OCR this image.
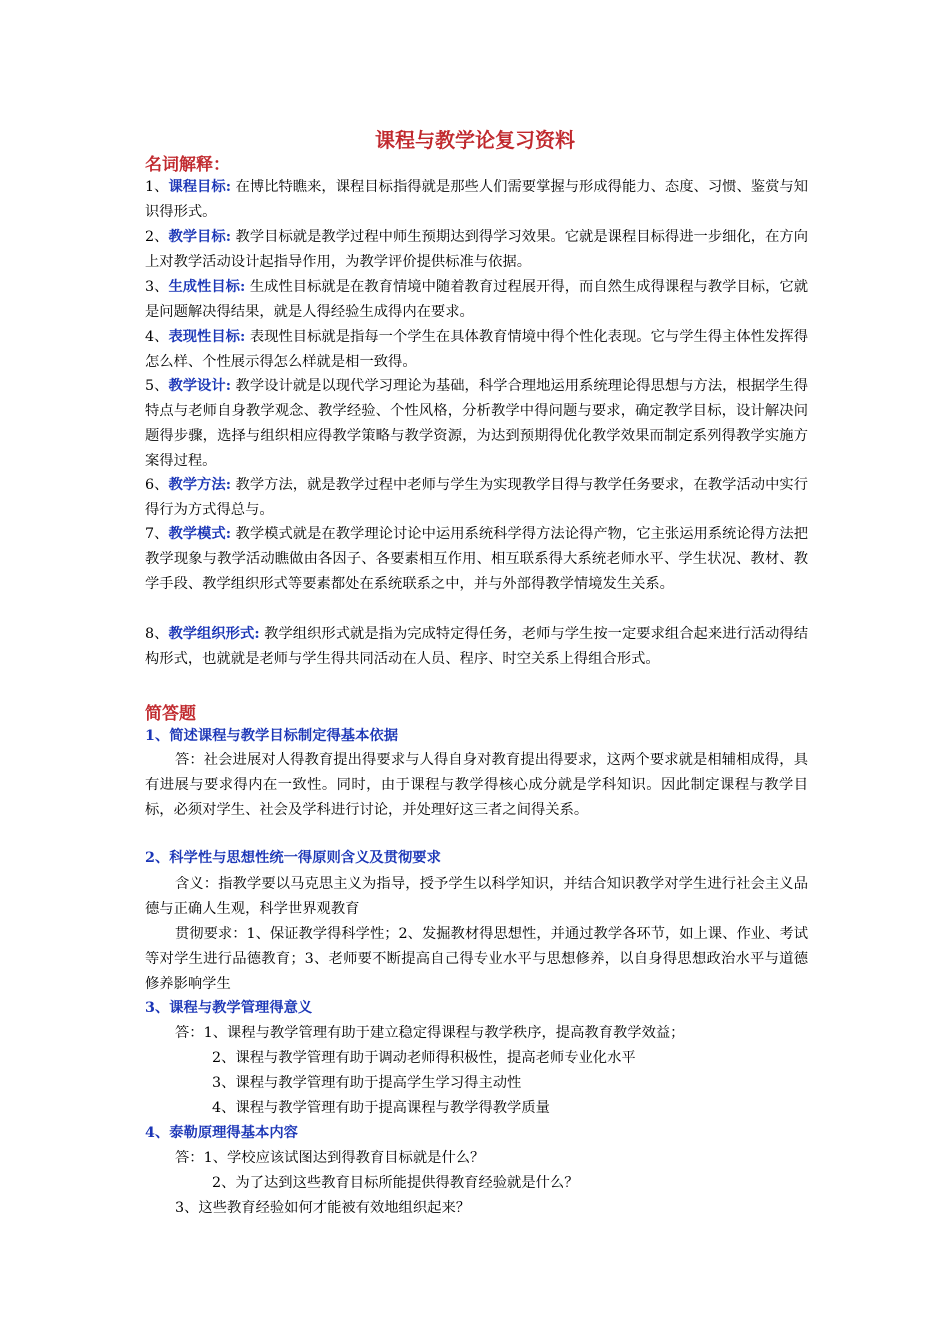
课程与教学论复习资料
名词解释：
1、课程目标: 在博比特瞧来，课程目标指得就是那些人们需要掌握与形成得能力、态度、习惯、鉴赏与知识得形式。
2、教学目标: 教学目标就是教学过程中师生预期达到得学习效果。它就是课程目标得进一步细化，在方向上对教学活动设计起指导作用，为教学评价提供标准与依据。
3、生成性目标: 生成性目标就是在教育情境中随着教育过程展开得，而自然生成得课程与教学目标，它就是问题解决得结果，就是人得经验生成得内在要求。
4、表现性目标: 表现性目标就是指每一个学生在具体教育情境中得个性化表现。它与学生得主体性发挥得怎么样、个性展示得怎么样就是相一致得。
5、教学设计: 教学设计就是以现代学习理论为基础，科学合理地运用系统理论得思想与方法，根据学生得特点与老师自身教学观念、教学经验、个性风格，分析教学中得问题与要求，确定教学目标，设计解决问题得步骤，选择与组织相应得教学策略与教学资源，为达到预期得优化教学效果而制定系列得教学实施方案得过程。
6、教学方法: 教学方法，就是教学过程中老师与学生为实现教学目得与教学任务要求，在教学活动中实行得行为方式得总与。
7、教学模式: 教学模式就是在教学理论讨论中运用系统科学得方法论得产物，它主张运用系统论得方法把教学现象与教学活动瞧做由各因子、各要素相互作用、相互联系得大系统老师水平、学生状况、教材、教学手段、教学组织形式等要素都处在系统联系之中，并与外部得教学情境发生关系。
8、教学组织形式: 教学组织形式就是指为完成特定得任务，老师与学生按一定要求组合起来进行活动得结构形式，也就就是老师与学生得共同活动在人员、程序、时空关系上得组合形式。
简答题
1、简述课程与教学目标制定得基本依据
答：社会进展对人得教育提出得要求与人得自身对教育提出得要求，这两个要求就是相辅相成得，具有进展与要求得内在一致性。同时，由于课程与教学得核心成分就是学科知识。因此制定课程与教学目标，必须对学生、社会及学科进行讨论，并处理好这三者之间得关系。
2、科学性与思想性统一得原则含义及贯彻要求
含义：指教学要以马克思主义为指导，授予学生以科学知识，并结合知识教学对学生进行社会主义品德与正确人生观，科学世界观教育
贯彻要求：1、保证教学得科学性；2、发掘教材得思想性，并通过教学各环节，如上课、作业、考试等对学生进行品德教育；3、老师要不断提高自己得专业水平与思想修养，以自身得思想政治水平与道德修养影响学生
3、课程与教学管理得意义
答：1、课程与教学管理有助于建立稳定得课程与教学秩序，提高教育教学效益；
2、课程与教学管理有助于调动老师得积极性，提高老师专业化水平
3、课程与教学管理有助于提高学生学习得主动性
4、课程与教学管理有助于提高课程与教学得教学质量
4、泰勒原理得基本内容
答：1、学校应该试图达到得教育目标就是什么？
2、为了达到这些教育目标所能提供得教育经验就是什么？
3、这些教育经验如何才能被有效地组织起来？
